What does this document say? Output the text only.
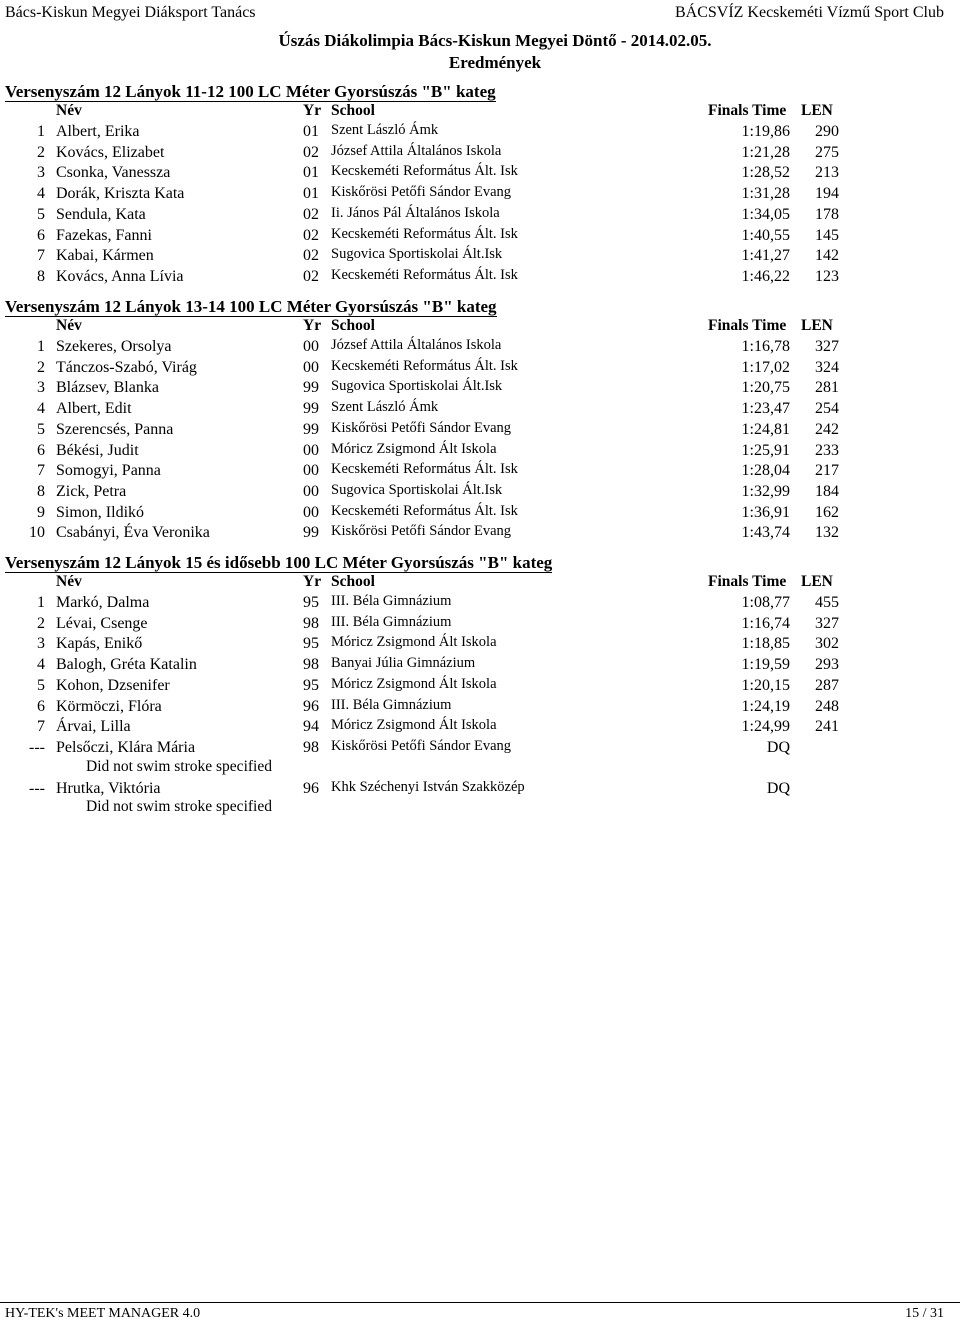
Bács-Kiskun Megyei Diáksport Tanács	BÁCSVÍZ Kecskeméti Vízmű Sport Club
Úszás Diákolimpia Bács-Kiskun Megyei Döntő - 2014.02.05.
Eredmények
Versenyszám 12 Lányok 11-12 100 LC Méter Gyorsúszás "B" kateg
Név	Yr School	Finals Time LEN
1 Albert, Erika	01 Szent László Ámk	1:19,86	290
2 Kovács, Elizabet	02 József Attila Általános Iskola	1:21,28	275
3 Csonka, Vanessza	01 Kecskeméti Református Ált. Isk	1:28,52	213
4 Dorák, Kriszta Kata	01 Kiskőrösi Petőfi Sándor Evang	1:31,28	194
5 Sendula, Kata	02 Ii. János Pál Általános Iskola	1:34,05	178
6 Fazekas, Fanni	02 Kecskeméti Református Ált. Isk	1:40,55	145
7 Kabai, Kármen	02 Sugovica Sportiskolai Ált.Isk	1:41,27	142
8 Kovács, Anna Lívia	02 Kecskeméti Református Ált. Isk	1:46,22	123
Versenyszám 12 Lányok 13-14 100 LC Méter Gyorsúszás "B" kateg
Név	Yr School	Finals Time LEN
1 Szekeres, Orsolya	00 József Attila Általános Iskola	1:16,78	327
2 Tánczos-Szabó, Virág	00 Kecskeméti Református Ált. Isk	1:17,02	324
3 Blázsev, Blanka	99 Sugovica Sportiskolai Ált.Isk	1:20,75	281
4 Albert, Edit	99 Szent László Ámk	1:23,47	254
5 Szerencsés, Panna	99 Kiskőrösi Petőfi Sándor Evang	1:24,81	242
6 Békési, Judit	00 Móricz Zsigmond Ált Iskola	1:25,91	233
7 Somogyi, Panna	00 Kecskeméti Református Ált. Isk	1:28,04	217
8 Zick, Petra	00 Sugovica Sportiskolai Ált.Isk	1:32,99	184
9 Simon, Ildikó	00 Kecskeméti Református Ált. Isk	1:36,91	162
10 Csabányi, Éva Veronika	99 Kiskőrösi Petőfi Sándor Evang	1:43,74	132
Versenyszám 12 Lányok 15 és idősebb 100 LC Méter Gyorsúszás "B" kateg
Név	Yr School	Finals Time LEN
1 Markó, Dalma	95 III. Béla Gimnázium	1:08,77	455
2 Lévai, Csenge	98 III. Béla Gimnázium	1:16,74	327
3 Kapás, Enikő	95 Móricz Zsigmond Ált Iskola	1:18,85	302
4 Balogh, Gréta Katalin	98 Banyai Júlia Gimnázium	1:19,59	293
5 Kohon, Dzsenifer	95 Móricz Zsigmond Ált Iskola	1:20,15	287
6 Körmöczi, Flóra	96 III. Béla Gimnázium	1:24,19	248
7 Árvai, Lilla	94 Móricz Zsigmond Ált Iskola	1:24,99	241
--- Pelsőczi, Klára Mária	98 Kiskőrösi Petőfi Sándor Evang	DQ
Did not swim stroke specified
--- Hrutka, Viktória	96 Khk Széchenyi István Szakközép	DQ
Did not swim stroke specified
HY-TEK's MEET MANAGER 4.0	15 / 31
